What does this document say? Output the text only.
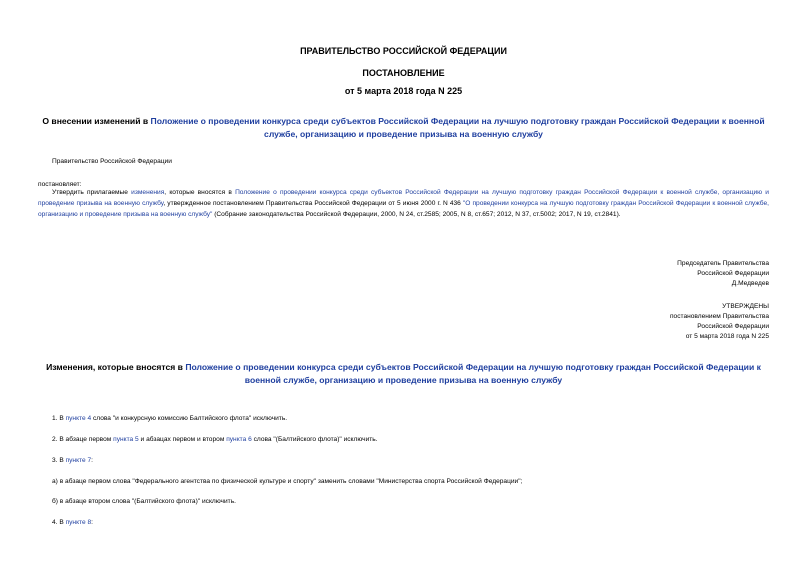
ПРАВИТЕЛЬСТВО РОССИЙСКОЙ ФЕДЕРАЦИИ
ПОСТАНОВЛЕНИЕ
от 5 марта 2018 года N 225
О внесении изменений в Положение о проведении конкурса среди субъектов Российской Федерации на лучшую подготовку граждан Российской Федерации к военной службе, организацию и проведение призыва на военную службу
Правительство Российской Федерации
постановляет:
Утвердить прилагаемые изменения, которые вносятся в Положение о проведении конкурса среди субъектов Российской Федерации на лучшую подготовку граждан Российской Федерации к военной службе, организацию и проведение призыва на военную службу, утвержденное постановлением Правительства Российской Федерации от 5 июня 2000 г. N 436 "О проведении конкурса на лучшую подготовку граждан Российской Федерации к военной службе, организацию и проведение призыва на военную службу" (Собрание законодательства Российской Федерации, 2000, N 24, ст.2585; 2005, N 8, ст.657; 2012, N 37, ст.5002; 2017, N 19, ст.2841).
Председатель Правительства
Российской Федерации
Д.Медведев
УТВЕРЖДЕНЫ
постановлением Правительства
Российской Федерации
от 5 марта 2018 года N 225
Изменения, которые вносятся в Положение о проведении конкурса среди субъектов Российской Федерации на лучшую подготовку граждан Российской Федерации к военной службе, организацию и проведение призыва на военную службу
1. В пункте 4 слова "и конкурсную комиссию Балтийского флота" исключить.
2. В абзаце первом пункта 5 и абзацах первом и втором пункта 6 слова "(Балтийского флота)" исключить.
3. В пункте 7:
а) в абзаце первом слова "Федерального агентства по физической культуре и спорту" заменить словами "Министерства спорта Российской Федерации";
б) в абзаце втором слова "(Балтийского флота)" исключить.
4. В пункте 8:
